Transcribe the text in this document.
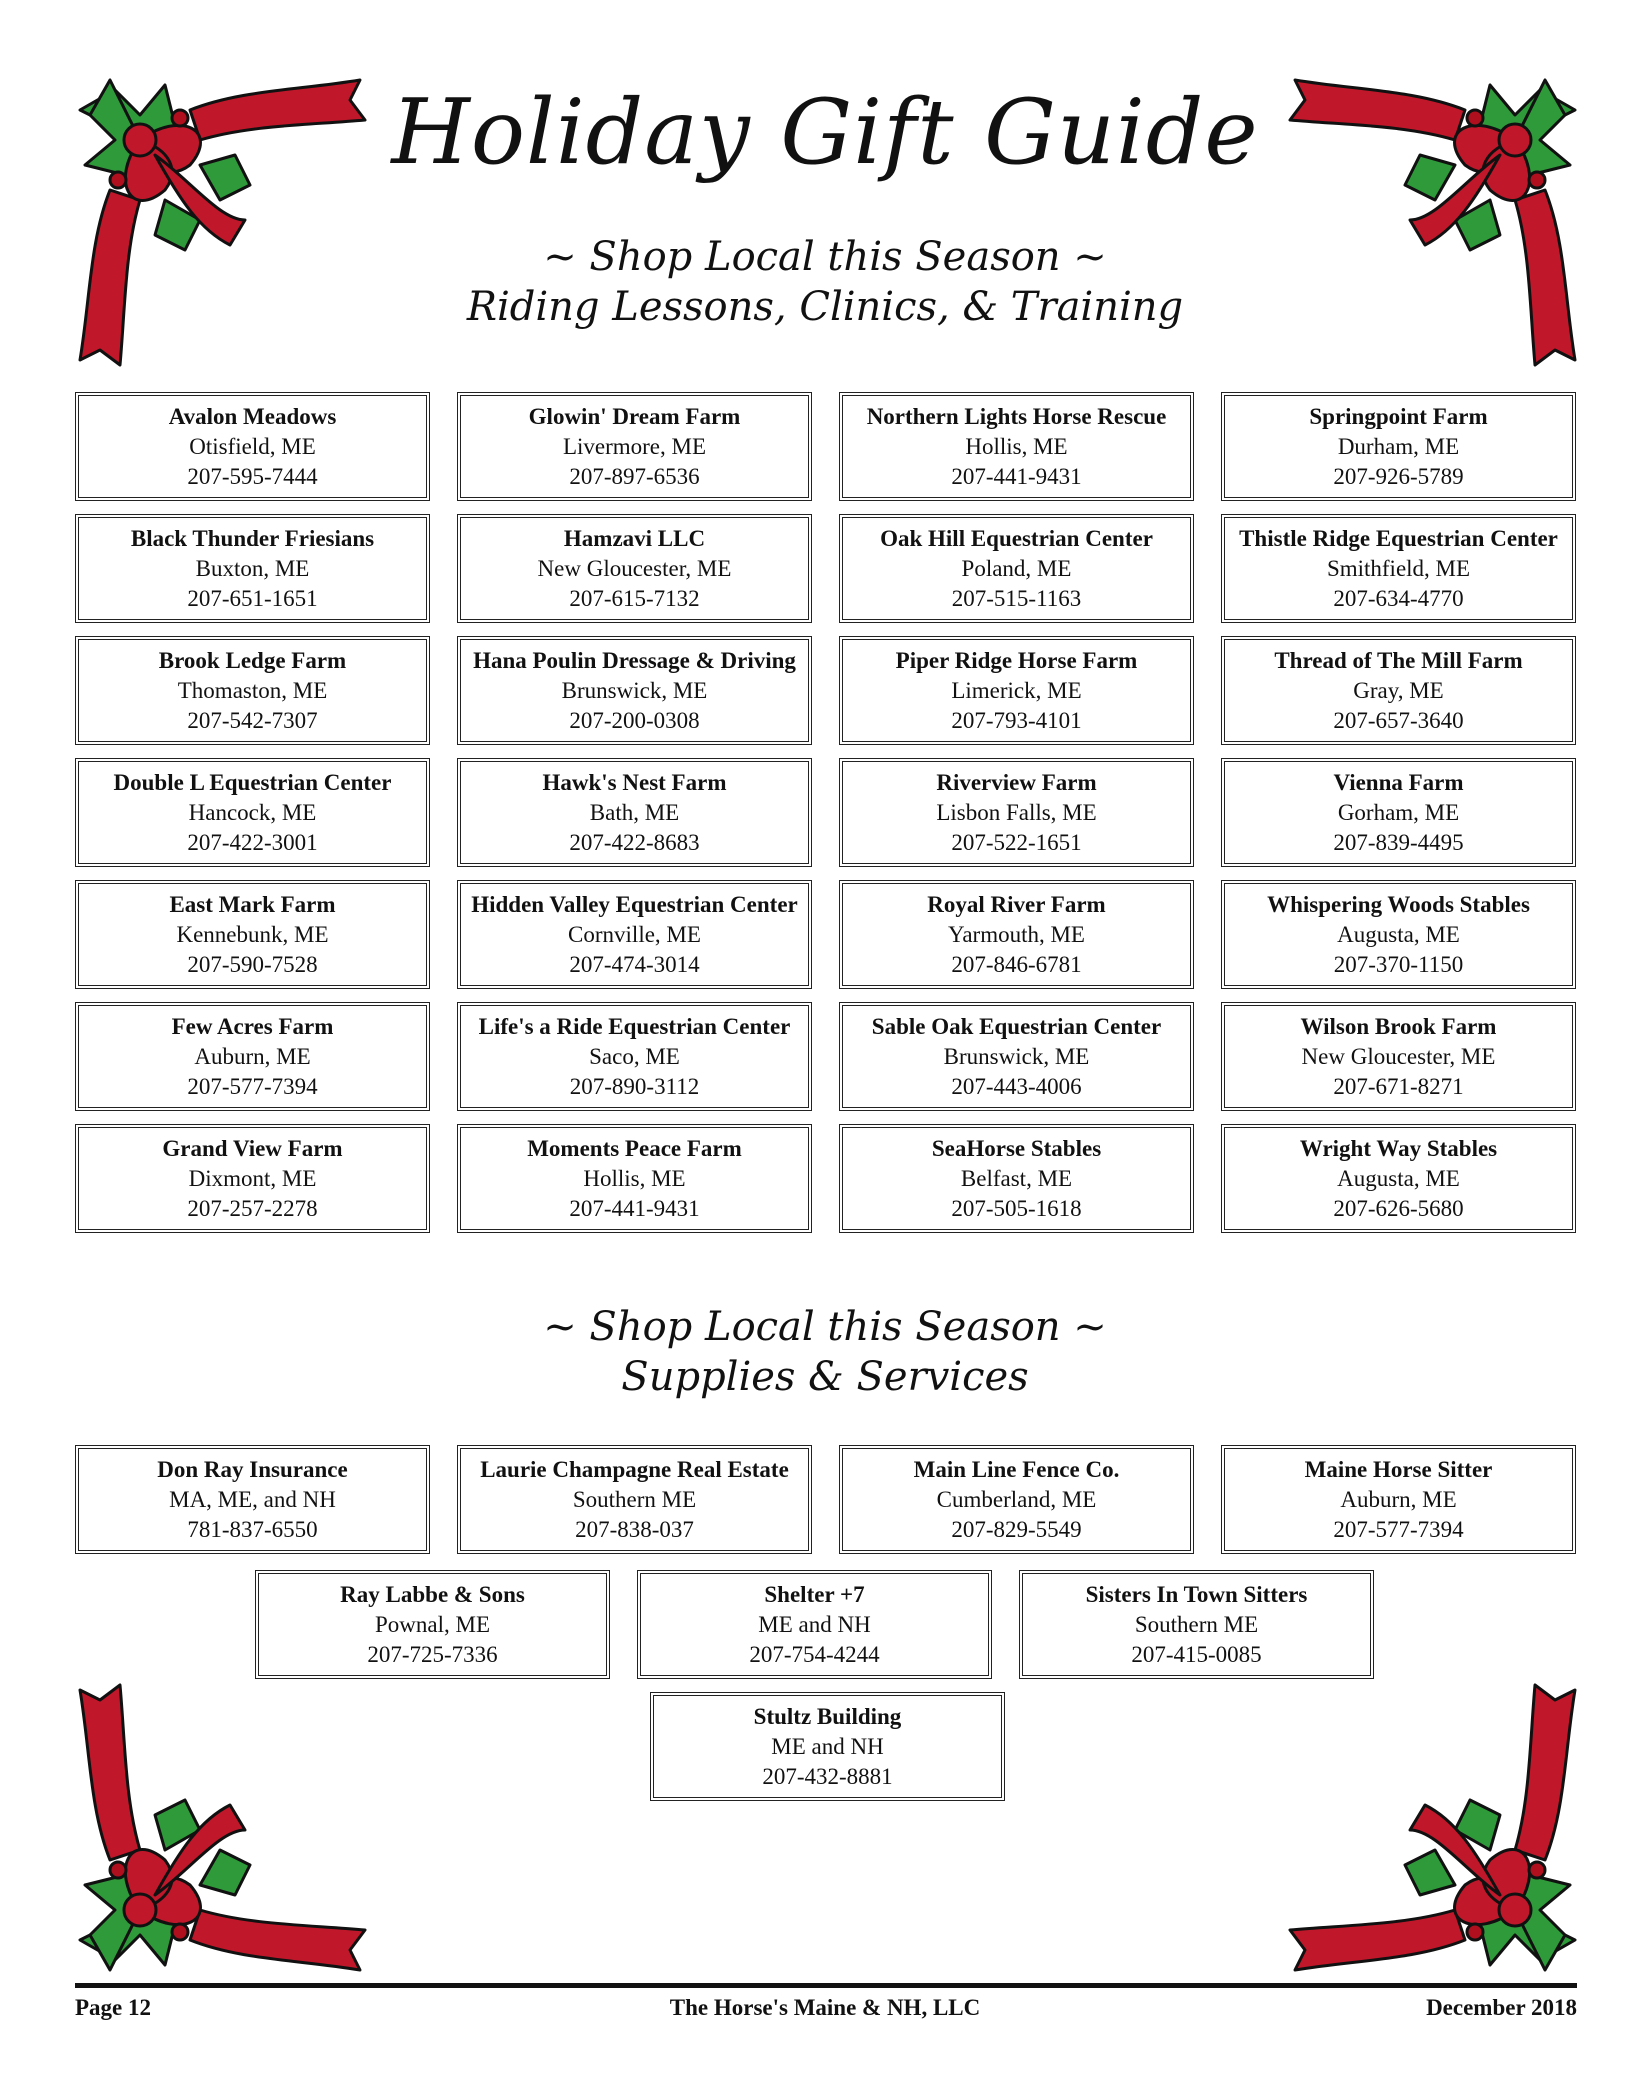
Holiday Gift Guide
~ Shop Local this Season ~
Riding Lessons, Clinics, & Training
Avalon Meadows
Otisfield, ME
207-595-7444
Glowin' Dream Farm
Livermore, ME
207-897-6536
Northern Lights Horse Rescue
Hollis, ME
207-441-9431
Springpoint Farm
Durham, ME
207-926-5789
Black Thunder Friesians
Buxton, ME
207-651-1651
Hamzavi LLC
New Gloucester, ME
207-615-7132
Oak Hill Equestrian Center
Poland, ME
207-515-1163
Thistle Ridge Equestrian Center
Smithfield, ME
207-634-4770
Brook Ledge Farm
Thomaston, ME
207-542-7307
Hana Poulin Dressage & Driving
Brunswick, ME
207-200-0308
Piper Ridge Horse Farm
Limerick, ME
207-793-4101
Thread of The Mill Farm
Gray, ME
207-657-3640
Double L Equestrian Center
Hancock, ME
207-422-3001
Hawk's Nest Farm
Bath, ME
207-422-8683
Riverview Farm
Lisbon Falls, ME
207-522-1651
Vienna Farm
Gorham, ME
207-839-4495
East Mark Farm
Kennebunk, ME
207-590-7528
Hidden Valley Equestrian Center
Cornville, ME
207-474-3014
Royal River Farm
Yarmouth, ME
207-846-6781
Whispering Woods Stables
Augusta, ME
207-370-1150
Few Acres Farm
Auburn, ME
207-577-7394
Life's a Ride Equestrian Center
Saco, ME
207-890-3112
Sable Oak Equestrian Center
Brunswick, ME
207-443-4006
Wilson Brook Farm
New Gloucester, ME
207-671-8271
Grand View Farm
Dixmont, ME
207-257-2278
Moments Peace Farm
Hollis, ME
207-441-9431
SeaHorse Stables
Belfast, ME
207-505-1618
Wright Way Stables
Augusta, ME
207-626-5680
~ Shop Local this Season ~
Supplies & Services
Don Ray Insurance
MA, ME, and NH
781-837-6550
Laurie Champagne Real Estate
Southern ME
207-838-037
Main Line Fence Co.
Cumberland, ME
207-829-5549
Maine Horse Sitter
Auburn, ME
207-577-7394
Ray Labbe & Sons
Pownal, ME
207-725-7336
Shelter +7
ME and NH
207-754-4244
Sisters In Town Sitters
Southern ME
207-415-0085
Stultz Building
ME and NH
207-432-8881
Page 12	The Horse's Maine & NH, LLC	December 2018
